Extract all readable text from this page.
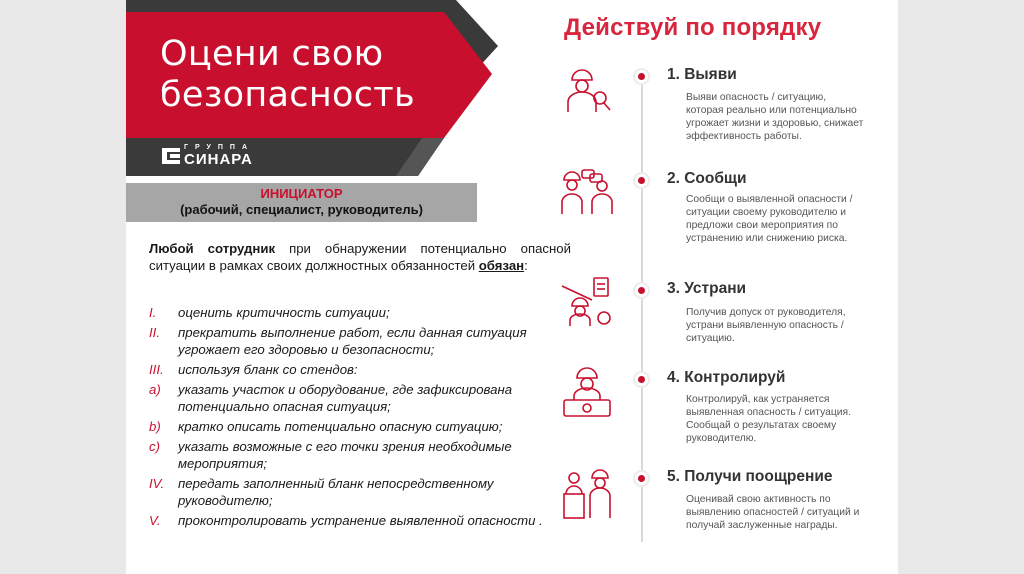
Оцени свою
безопасность
ГРУППА
СИНАРА
ИНИЦИАТОР
(рабочий, специалист, руководитель)
Любой сотрудник при обнаружении потенциально опасной ситуации в рамках своих должностных обязанностей обязан:
I.	оценить критичность ситуации;
II.	прекратить выполнение работ, если данная ситуация угрожает его здоровью и безопасности;
III.	используя бланк со стендов:
a)	указать участок и оборудование, где зафиксирована потенциально опасная ситуация;
b)	кратко описать потенциально опасную ситуацию;
c)	указать возможные с его точки зрения необходимые мероприятия;
IV.	передать заполненный бланк непосредственному руководителю;
V.	проконтролировать устранение выявленной опасности .
Действуй по порядку
1. Выяви
Выяви опасность / ситуацию, которая реально или потенциально угрожает жизни и здоровью, снижает эффективность работы.
2. Сообщи
Сообщи о выявленной опасности / ситуации своему руководителю и предложи свои мероприятия по устранению или снижению риска.
3. Устрани
Получив допуск от руководителя, устрани выявленную опасность / ситуацию.
4. Контролируй
Контролируй, как устраняется выявленная опасность / ситуация. Сообщай о результатах своему руководителю.
5. Получи поощрение
Оценивай свою активность по выявлению опасностей / ситуаций и получай заслуженные награды.
